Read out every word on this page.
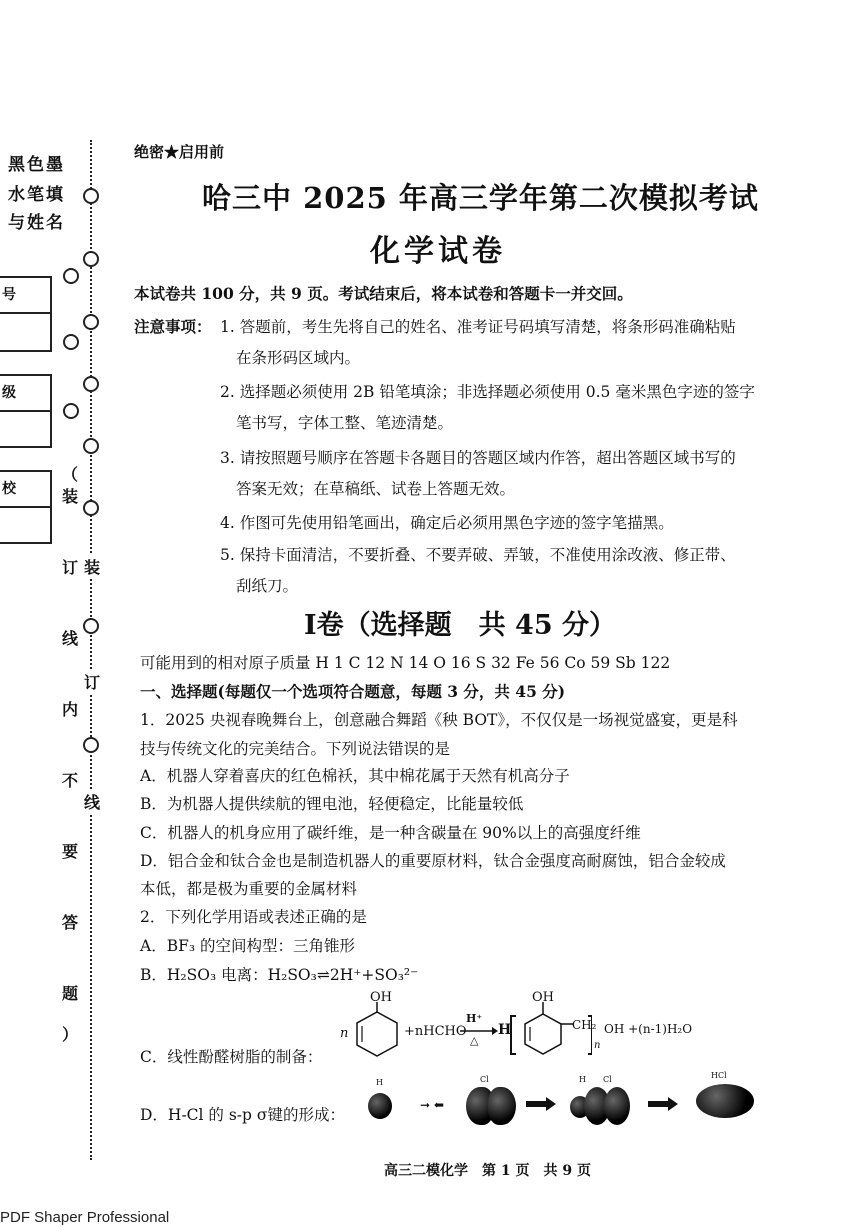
黑色墨
水笔填
与姓名
号
级
校
（
装
订
线
内
不
要
答
题
）
装
订
线
绝密★启用前
哈三中 2025 年高三学年第二次模拟考试
化学试卷
本试卷共 100 分，共 9 页。考试结束后，将本试卷和答题卡一并交回。
注意事项： 1. 答题前，考生先将自己的姓名、准考证号码填写清楚，将条形码准确粘贴
在条形码区域内。
2. 选择题必须使用 2B 铅笔填涂；非选择题必须使用 0.5 毫米黑色字迹的签字
笔书写，字体工整、笔迹清楚。
3. 请按照题号顺序在答题卡各题目的答题区域内作答，超出答题区域书写的
答案无效；在草稿纸、试卷上答题无效。
4. 作图可先使用铅笔画出，确定后必须用黑色字迹的签字笔描黑。
5. 保持卡面清洁，不要折叠、不要弄破、弄皱，不准使用涂改液、修正带、
刮纸刀。
I卷（选择题　共 45 分）
可能用到的相对原子质量 H 1 C 12 N 14 O 16 S 32 Fe 56 Co 59 Sb 122
一、选择题(每题仅一个选项符合题意，每题 3 分，共 45 分)
1．2025 央视春晚舞台上，创意融合舞蹈《秧 BOT》，不仅仅是一场视觉盛宴，更是科
技与传统文化的完美结合。下列说法错误的是
A．机器人穿着喜庆的红色棉袄，其中棉花属于天然有机高分子
B．为机器人提供续航的锂电池，轻便稳定，比能量较低
C．机器人的机身应用了碳纤维，是一种含碳量在 90%以上的高强度纤维
D．铝合金和钛合金也是制造机器人的重要原材料，钛合金强度高耐腐蚀，铝合金较成
本低，都是极为重要的金属材料
2．下列化学用语或表述正确的是
A．BF₃ 的空间构型：三角锥形
B．H₂SO₃ 电离：H₂SO₃⇌2H⁺+SO₃²⁻
C．线性酚醛树脂的制备：
D．H-Cl 的 s-p σ键的形成：
OH
n	+nHCHO
H⁺
△
H
OH
CH₂
n
OH +(n-1)H₂O
H
➞ ⬅
Cl	H Cl	HCl
高三二模化学　第 1 页　共 9 页
PDF Shaper Professional
